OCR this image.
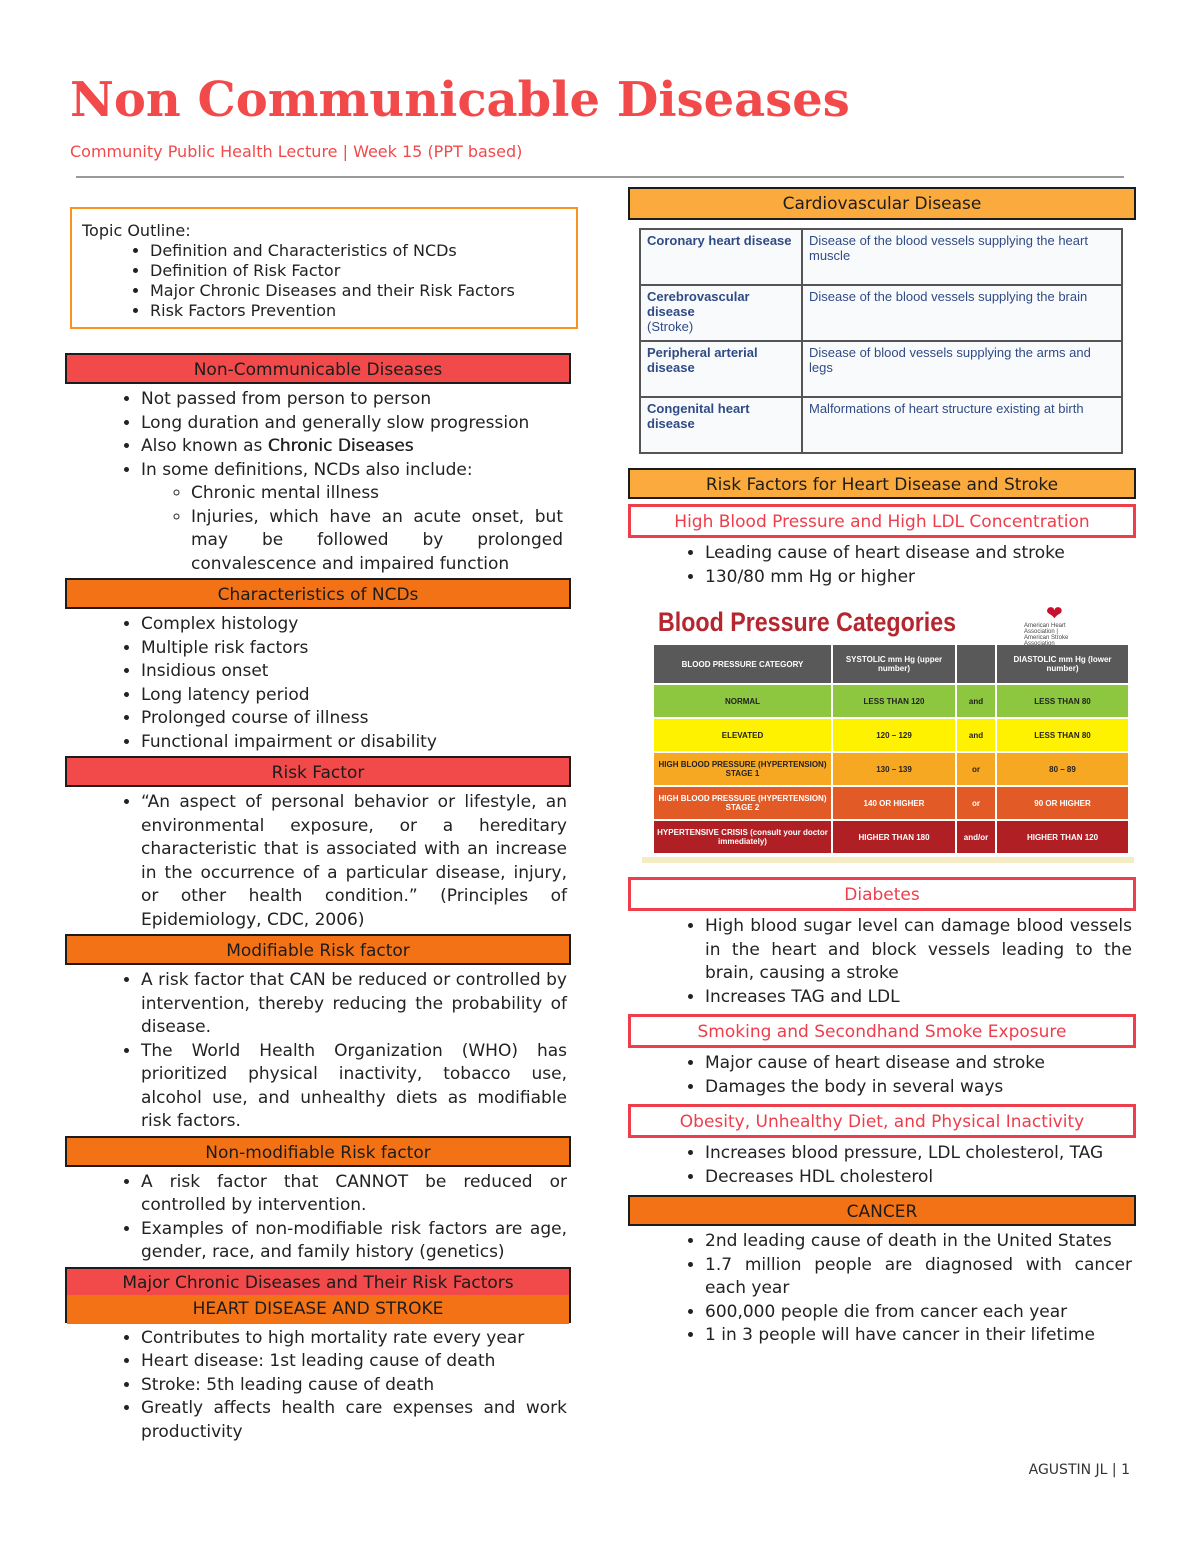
Non Communicable Diseases
Community Public Health Lecture | Week 15 (PPT based)
Topic Outline:
• Definition and Characteristics of NCDs
• Definition of Risk Factor
• Major Chronic Diseases and their Risk Factors
• Risk Factors Prevention
Non-Communicable Diseases
• Not passed from person to person
• Long duration and generally slow progression
• Also known as Chronic Diseases
• In some definitions, NCDs also include:
◦ Chronic mental illness
◦ Injuries, which have an acute onset, but may be followed by prolonged convalescence and impaired function
Characteristics of NCDs
• Complex histology
• Multiple risk factors
• Insidious onset
• Long latency period
• Prolonged course of illness
• Functional impairment or disability
Risk Factor
• “An aspect of personal behavior or lifestyle, an environmental exposure, or a hereditary characteristic that is associated with an increase in the occurrence of a particular disease, injury, or other health condition.” (Principles of Epidemiology, CDC, 2006)
Modifiable Risk factor
• A risk factor that CAN be reduced or controlled by intervention, thereby reducing the probability of disease.
• The World Health Organization (WHO) has prioritized physical inactivity, tobacco use, alcohol use, and unhealthy diets as modifiable risk factors.
Non-modifiable Risk factor
• A risk factor that CANNOT be reduced or controlled by intervention.
• Examples of non-modifiable risk factors are age, gender, race, and family history (genetics)
Major Chronic Diseases and Their Risk Factors
HEART DISEASE AND STROKE
• Contributes to high mortality rate every year
• Heart disease: 1st leading cause of death
• Stroke: 5th leading cause of death
• Greatly affects health care expenses and work productivity
Cardiovascular Disease
Coronary heart disease	Disease of the blood vessels supplying the heart muscle
Cerebrovascular disease
(Stroke)	Disease of the blood vessels supplying the brain
Peripheral arterial disease	Disease of blood vessels supplying the arms and legs
Congenital heart disease	Malformations of heart structure existing at birth
Risk Factors for Heart Disease and Stroke
High Blood Pressure and High LDL Concentration
• Leading cause of heart disease and stroke
• 130/80 mm Hg or higher
Blood Pressure Categories	❤
American Heart Association | American Stroke Association
BLOOD PRESSURE CATEGORY	SYSTOLIC mm Hg (upper number)		DIASTOLIC mm Hg (lower number)
NORMAL	LESS THAN 120	and	LESS THAN 80
ELEVATED	120 – 129	and	LESS THAN 80
HIGH BLOOD PRESSURE (HYPERTENSION) STAGE 1	130 – 139	or	80 – 89
HIGH BLOOD PRESSURE (HYPERTENSION) STAGE 2	140 OR HIGHER	or	90 OR HIGHER
HYPERTENSIVE CRISIS (consult your doctor immediately)	HIGHER THAN 180	and/or	HIGHER THAN 120
Diabetes
• High blood sugar level can damage blood vessels in the heart and block vessels leading to the brain, causing a stroke
• Increases TAG and LDL
Smoking and Secondhand Smoke Exposure
• Major cause of heart disease and stroke
• Damages the body in several ways
Obesity, Unhealthy Diet, and Physical Inactivity
• Increases blood pressure, LDL cholesterol, TAG
• Decreases HDL cholesterol
CANCER
• 2nd leading cause of death in the United States
• 1.7 million people are diagnosed with cancer each year
• 600,000 people die from cancer each year
• 1 in 3 people will have cancer in their lifetime
AGUSTIN JL | 1
